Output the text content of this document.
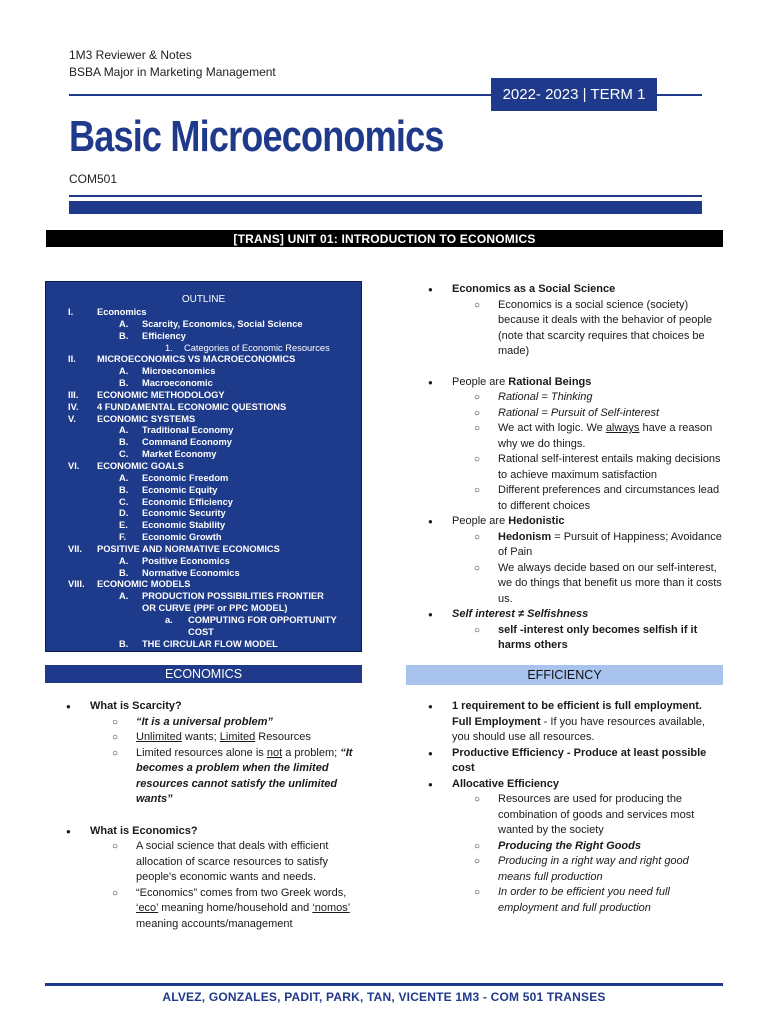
1M3 Reviewer & Notes
BSBA Major in Marketing Management
2022- 2023 | TERM 1
Basic Microeconomics
COM501
[TRANS] UNIT 01: INTRODUCTION TO ECONOMICS
OUTLINE
I.	Economics
A. Scarcity, Economics, Social Science
B. Efficiency
1. Categories of Economic Resources
II. MICROECONOMICS VS MACROECONOMICS
A. Microeconomics
B. Macroeconomic
III. ECONOMIC METHODOLOGY
IV. 4 FUNDAMENTAL ECONOMIC QUESTIONS
V. ECONOMIC SYSTEMS
A. Traditional Economy
B. Command Economy
C. Market Economy
VI. ECONOMIC GOALS
A. Economic Freedom
B. Economic Equity
C. Economic Efficiency
D. Economic Security
E. Economic Stability
F. Economic Growth
VII. POSITIVE AND NORMATIVE ECONOMICS
A. Positive Economics
B. Normative Economics
VIII. ECONOMIC MODELS
A. PRODUCTION POSSIBILITIES FRONTIER
OR CURVE (PPF or PPC MODEL)
a. COMPUTING FOR OPPORTUNITY
COST
B. THE CIRCULAR FLOW MODEL
● Economics as a Social Science
○ Economics is a social science (society) because it deals with the behavior of people (note that scarcity requires that choices be made)
● People are Rational Beings
○ Rational = Thinking
○ Rational = Pursuit of Self-interest
○ We act with logic. We always have a reason why we do things.
○ Rational self-interest entails making decisions to achieve maximum satisfaction
○ Different preferences and circumstances lead to different choices
● People are Hedonistic
○ Hedonism = Pursuit of Happiness; Avoidance of Pain
○ We always decide based on our self-interest, we do things that benefit us more than it costs us.
● Self interest ≠ Selfishness
○ self -interest only becomes selfish if it harms others
ECONOMICS	EFFICIENCY
● What is Scarcity?
○ “It is a universal problem”
○ Unlimited wants; Limited Resources
○ Limited resources alone is not a problem; “It becomes a problem when the limited resources cannot satisfy the unlimited wants”
● What is Economics?
○ A social science that deals with efficient allocation of scarce resources to satisfy people's economic wants and needs.
○ “Economics” comes from two Greek words, ‘eco’ meaning home/household and ‘nomos’ meaning accounts/management
● 1 requirement to be efficient is full employment.
Full Employment - If you have resources available, you should use all resources.
● Productive Efficiency - Produce at least possible cost
● Allocative Efficiency
○ Resources are used for producing the combination of goods and services most wanted by the society
○ Producing the Right Goods
○ Producing in a right way and right good means full production
○ In order to be efficient you need full employment and full production
ALVEZ, GONZALES, PADIT, PARK, TAN, VICENTE 1M3 - COM 501 TRANSES
